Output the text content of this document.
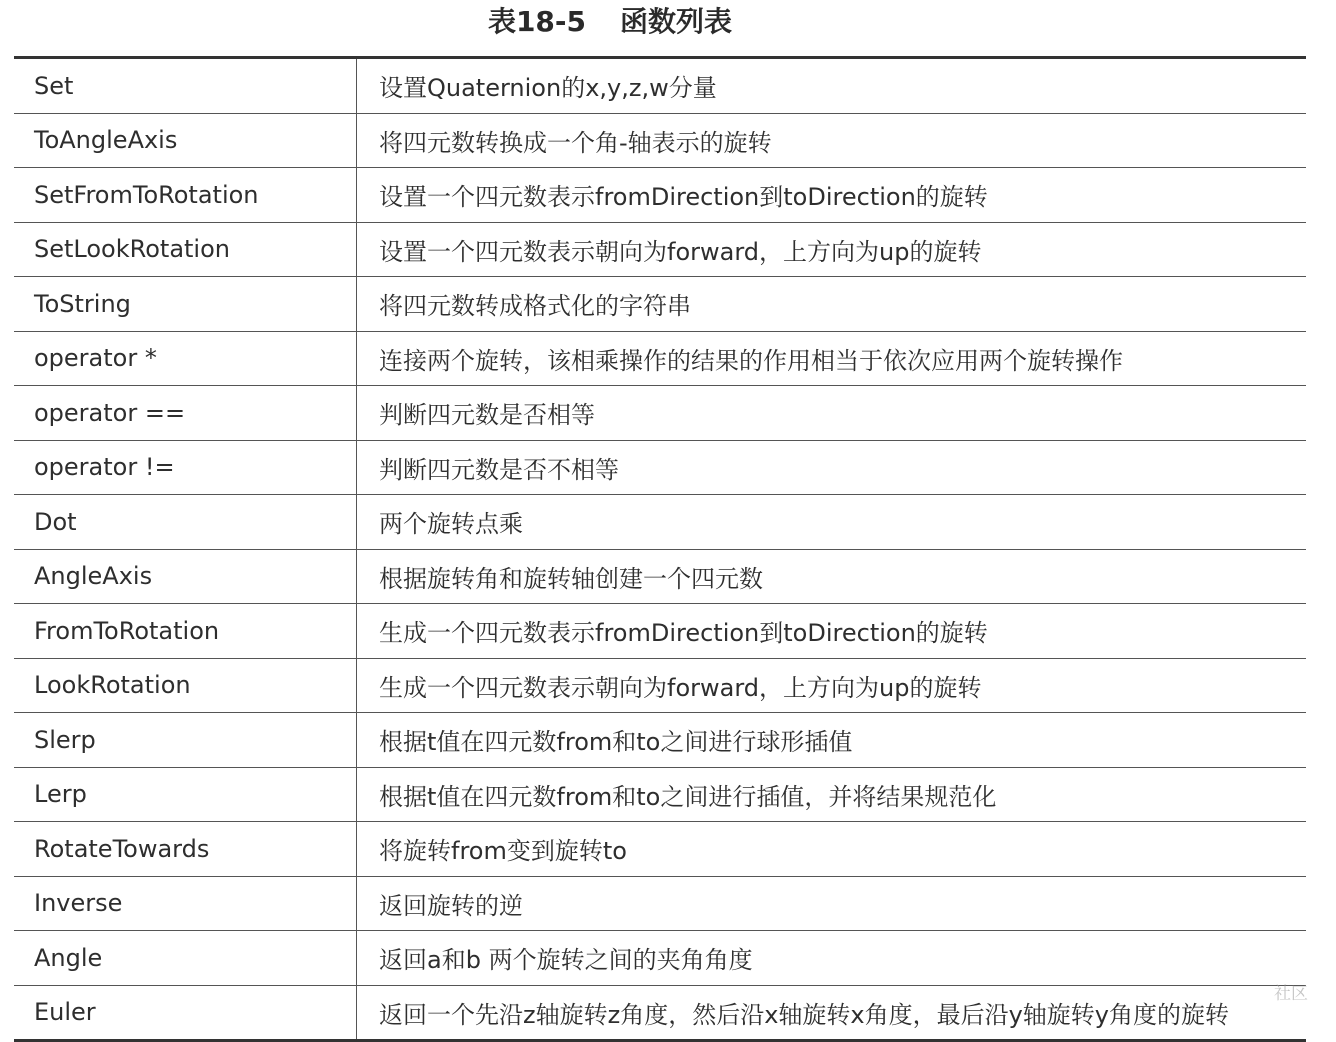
表18-5 函数列表
Set	设置Quaternion的x,y,z,w分量
ToAngleAxis	将四元数转换成一个角-轴表示的旋转
SetFromToRotation	设置一个四元数表示fromDirection到toDirection的旋转
SetLookRotation	设置一个四元数表示朝向为forward，上方向为up的旋转
ToString	将四元数转成格式化的字符串
operator *	连接两个旋转，该相乘操作的结果的作用相当于依次应用两个旋转操作
operator ==	判断四元数是否相等
operator !=	判断四元数是否不相等
Dot	两个旋转点乘
AngleAxis	根据旋转角和旋转轴创建一个四元数
FromToRotation	生成一个四元数表示fromDirection到toDirection的旋转
LookRotation	生成一个四元数表示朝向为forward，上方向为up的旋转
Slerp	根据t值在四元数from和to之间进行球形插值
Lerp	根据t值在四元数from和to之间进行插值，并将结果规范化
RotateTowards	将旋转from变到旋转to
Inverse	返回旋转的逆
Angle	返回a和b 两个旋转之间的夹角角度
Euler	返回一个先沿z轴旋转z角度，然后沿x轴旋转x角度，最后沿y轴旋转y角度的旋转
社区
